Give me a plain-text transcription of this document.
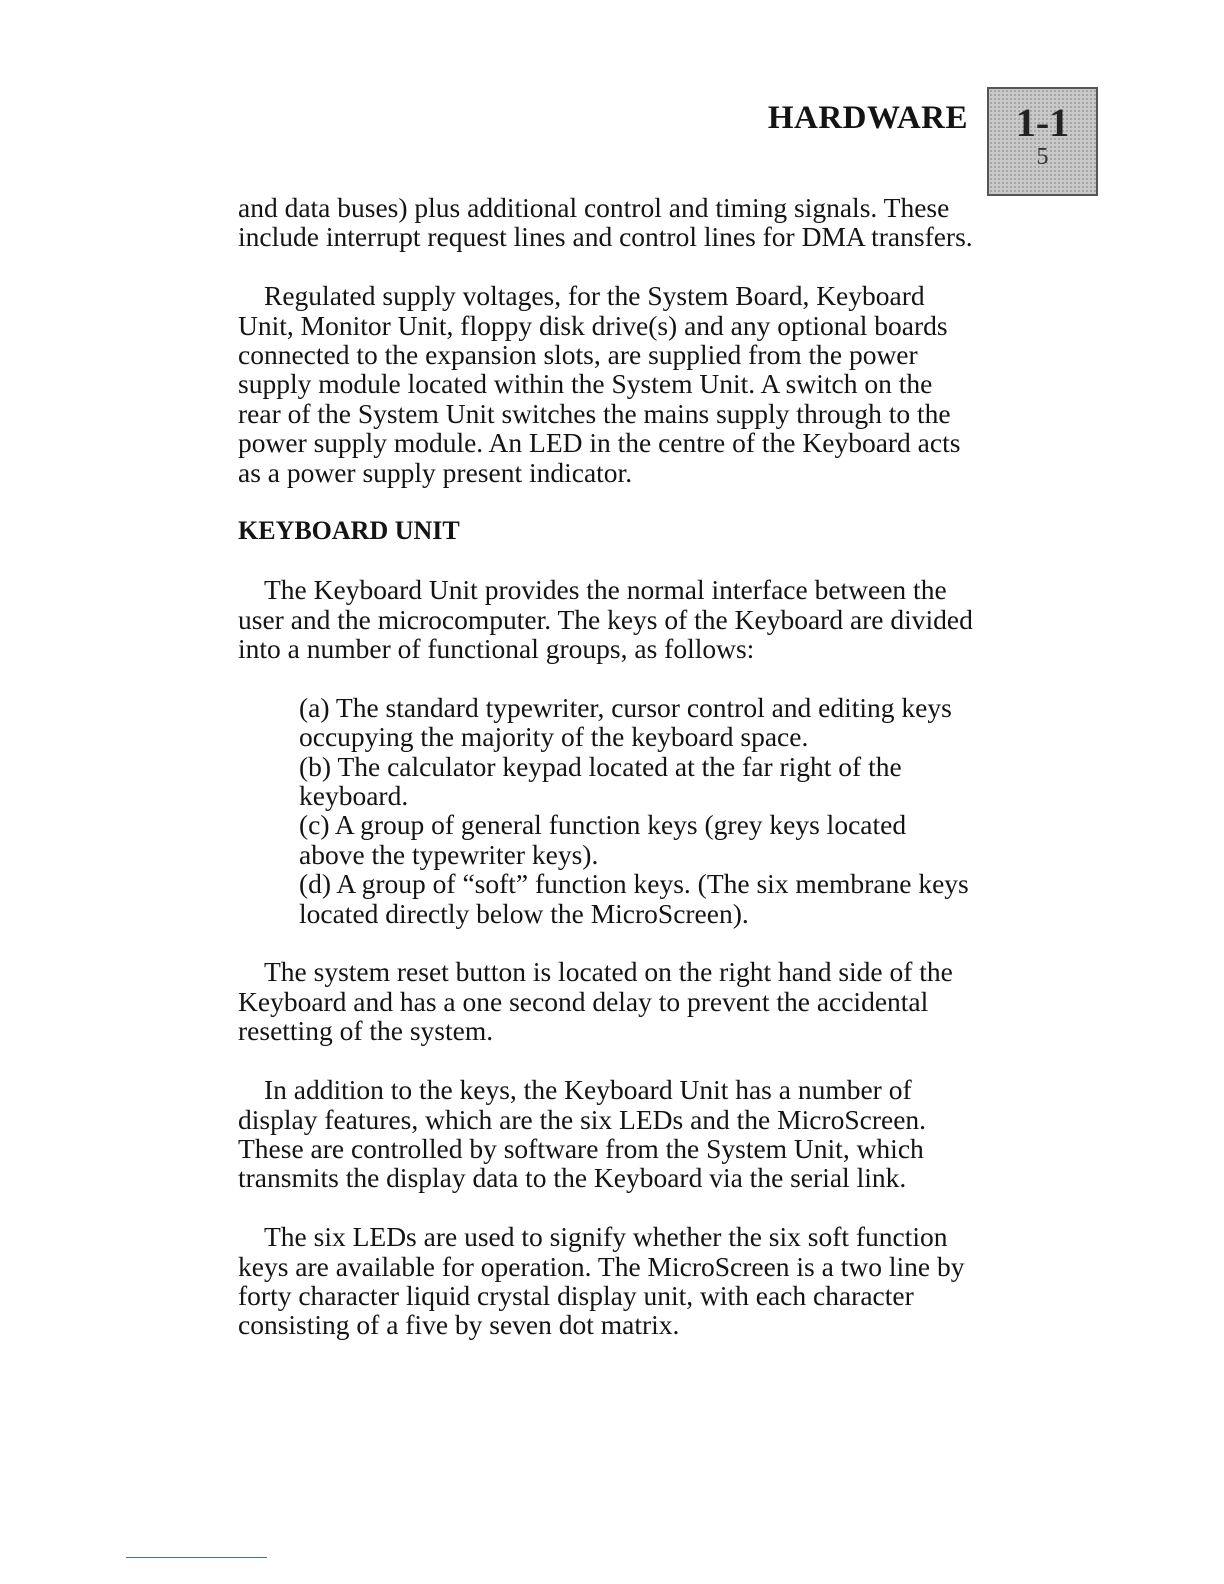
HARDWARE	1-1
5

and data buses) plus additional control and timing signals. These include interrupt request lines and control lines for DMA transfers.

Regulated supply voltages, for the System Board, Keyboard Unit, Monitor Unit, floppy disk drive(s) and any optional boards connected to the expansion slots, are supplied from the power supply module located within the System Unit. A switch on the rear of the System Unit switches the mains supply through to the power supply module. An LED in the centre of the Keyboard acts as a power supply present indicator.

KEYBOARD UNIT

The Keyboard Unit provides the normal interface between the user and the microcomputer. The keys of the Keyboard are divided into a number of functional groups, as follows:

(a) The standard typewriter, cursor control and editing keys occupying the majority of the keyboard space.

(b) The calculator keypad located at the far right of the keyboard.

(c) A group of general function keys (grey keys located above the typewriter keys).

(d) A group of “soft” function keys. (The six membrane keys located directly below the MicroScreen).

The system reset button is located on the right hand side of the Keyboard and has a one second delay to prevent the accidental resetting of the system.

In addition to the keys, the Keyboard Unit has a number of display features, which are the six LEDs and the MicroScreen. These are controlled by software from the System Unit, which transmits the display data to the Keyboard via the serial link.

The six LEDs are used to signify whether the six soft function keys are available for operation. The MicroScreen is a two line by forty character liquid crystal display unit, with each character consisting of a five by seven dot matrix.
